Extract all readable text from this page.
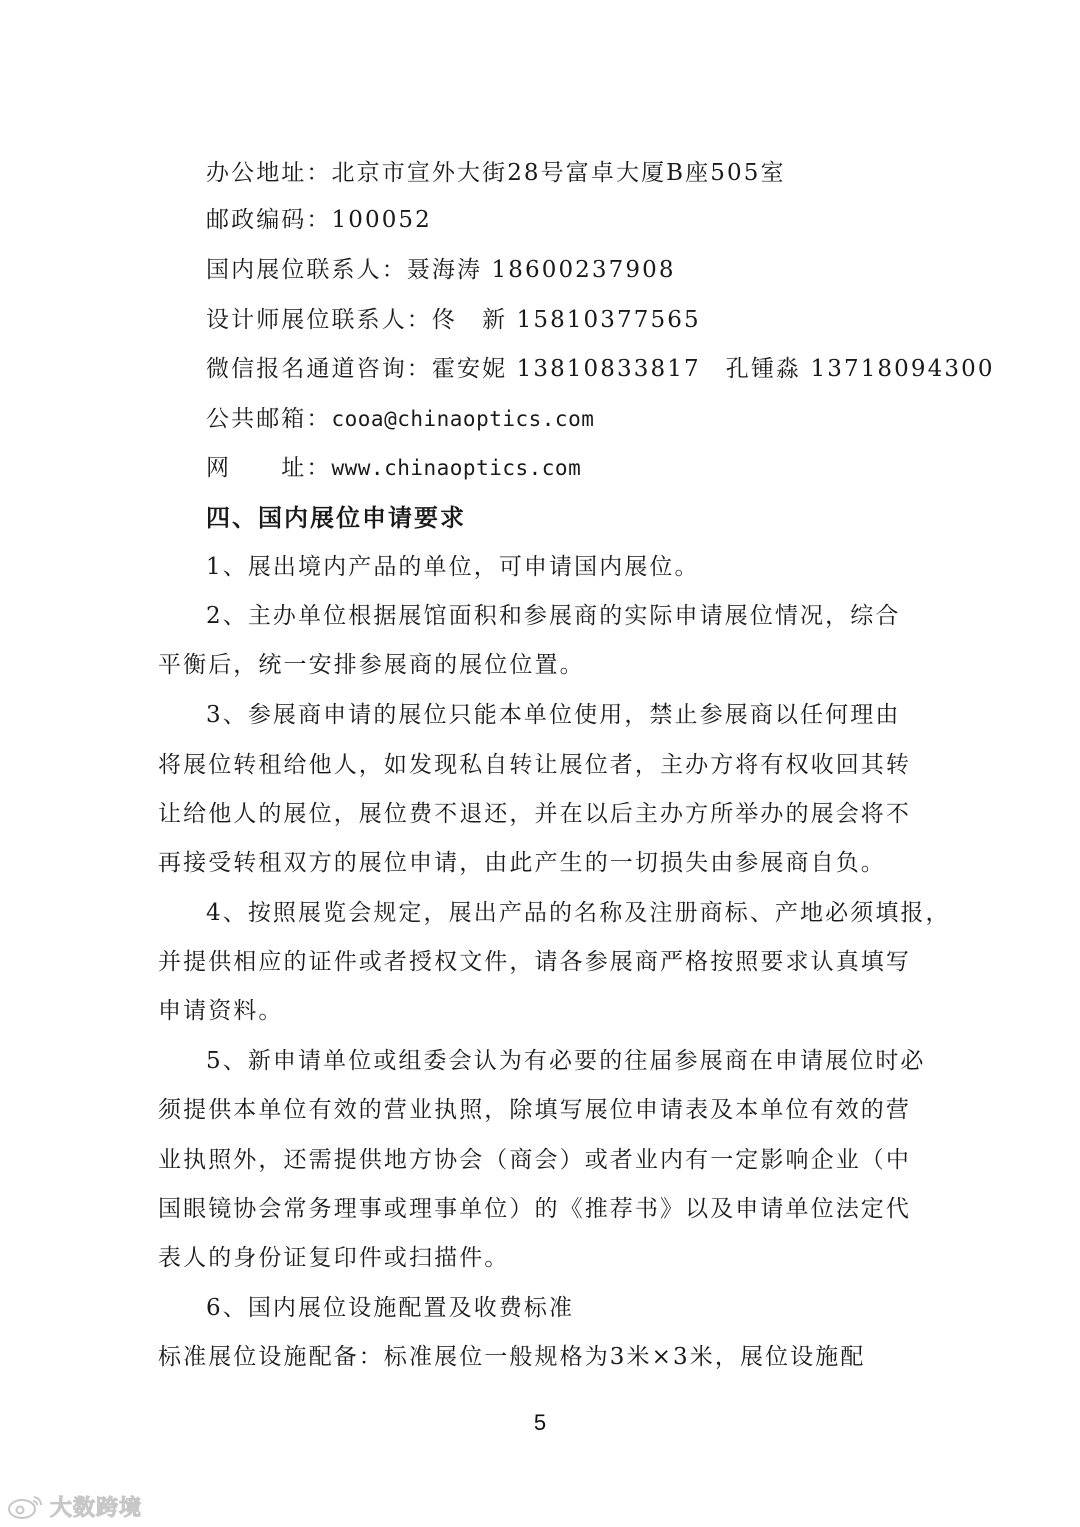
办公地址：北京市宣外大街28号富卓大厦B座505室
邮政编码：100052
国内展位联系人：聂海涛 18600237908
设计师展位联系人：佟　新 15810377565
微信报名通道咨询：霍安妮 13810833817　孔锺淼 13718094300
公共邮箱：cooa@chinaoptics.com
网　　址：www.chinaoptics.com
四、国内展位申请要求
1、展出境内产品的单位，可申请国内展位。
2、主办单位根据展馆面积和参展商的实际申请展位情况，综合
平衡后，统一安排参展商的展位位置。
3、参展商申请的展位只能本单位使用，禁止参展商以任何理由
将展位转租给他人，如发现私自转让展位者，主办方将有权收回其转
让给他人的展位，展位费不退还，并在以后主办方所举办的展会将不
再接受转租双方的展位申请，由此产生的一切损失由参展商自负。
4、按照展览会规定，展出产品的名称及注册商标、产地必须填报，
并提供相应的证件或者授权文件，请各参展商严格按照要求认真填写
申请资料。
5、新申请单位或组委会认为有必要的往届参展商在申请展位时必
须提供本单位有效的营业执照，除填写展位申请表及本单位有效的营
业执照外，还需提供地方协会（商会）或者业内有一定影响企业（中
国眼镜协会常务理事或理事单位）的《推荐书》以及申请单位法定代
表人的身份证复印件或扫描件。
6、国内展位设施配置及收费标准
标准展位设施配备：标准展位一般规格为3米×3米，展位设施配
5
大数跨境
